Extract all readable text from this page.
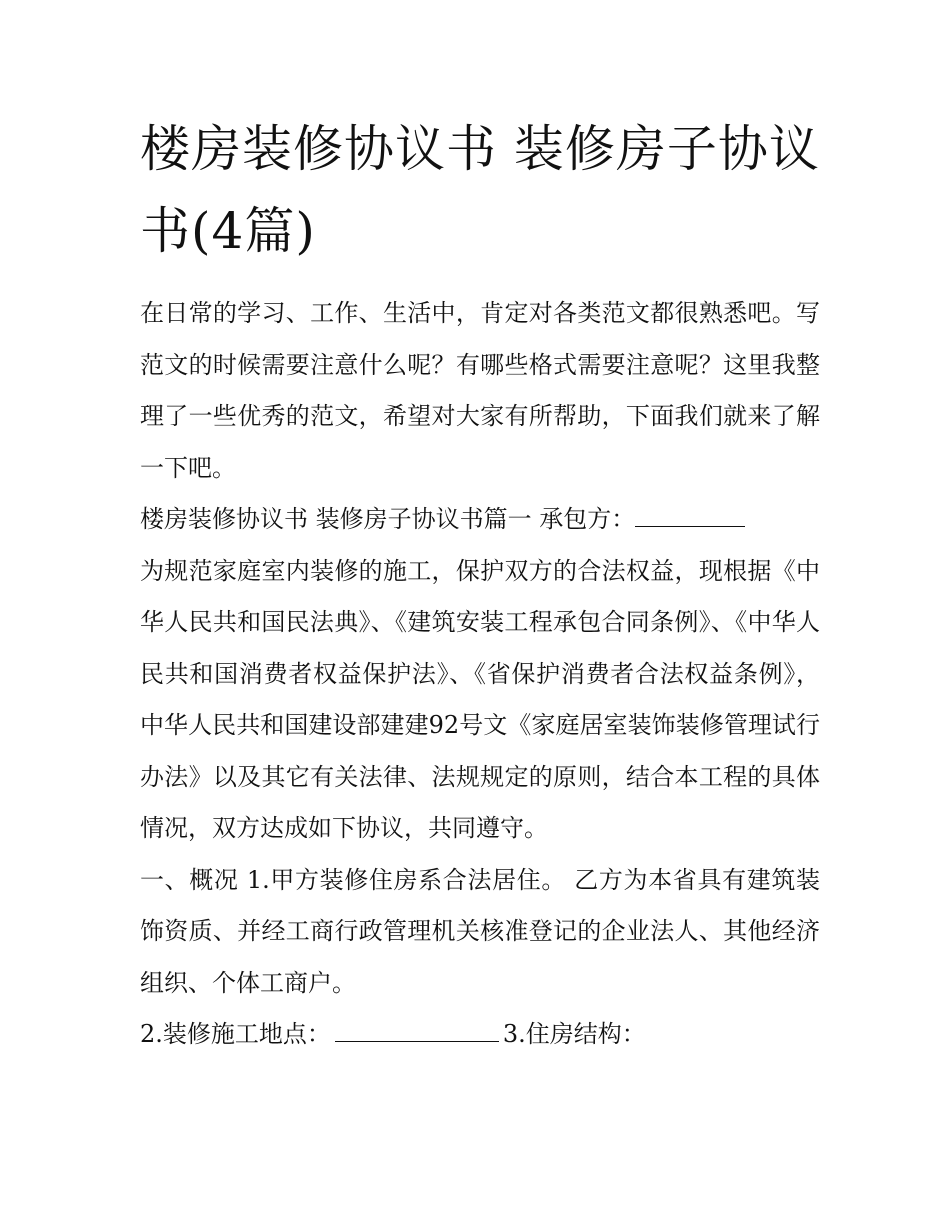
楼房装修协议书 装修房子协议书(4篇)

在日常的学习、工作、生活中，肯定对各类范文都很熟悉吧。写范文的时候需要注意什么呢？有哪些格式需要注意呢？这里我整理了一些优秀的范文，希望对大家有所帮助，下面我们就来了解一下吧。

楼房装修协议书 装修房子协议书篇一 承包方：

为规范家庭室内装修的施工，保护双方的合法权益，现根据《中华人民共和国民法典》、《建筑安装工程承包合同条例》、《中华人民共和国消费者权益保护法》、《省保护消费者合法权益条例》，中华人民共和国建设部建建92号文《家庭居室装饰装修管理试行办法》以及其它有关法律、法规规定的原则，结合本工程的具体情况，双方达成如下协议，共同遵守。

一、概况 1.甲方装修住房系合法居住。 乙方为本省具有建筑装饰资质、并经工商行政管理机关核准登记的企业法人、其他经济组织、个体工商户。

2.装修施工地点：	3.住房结构：
